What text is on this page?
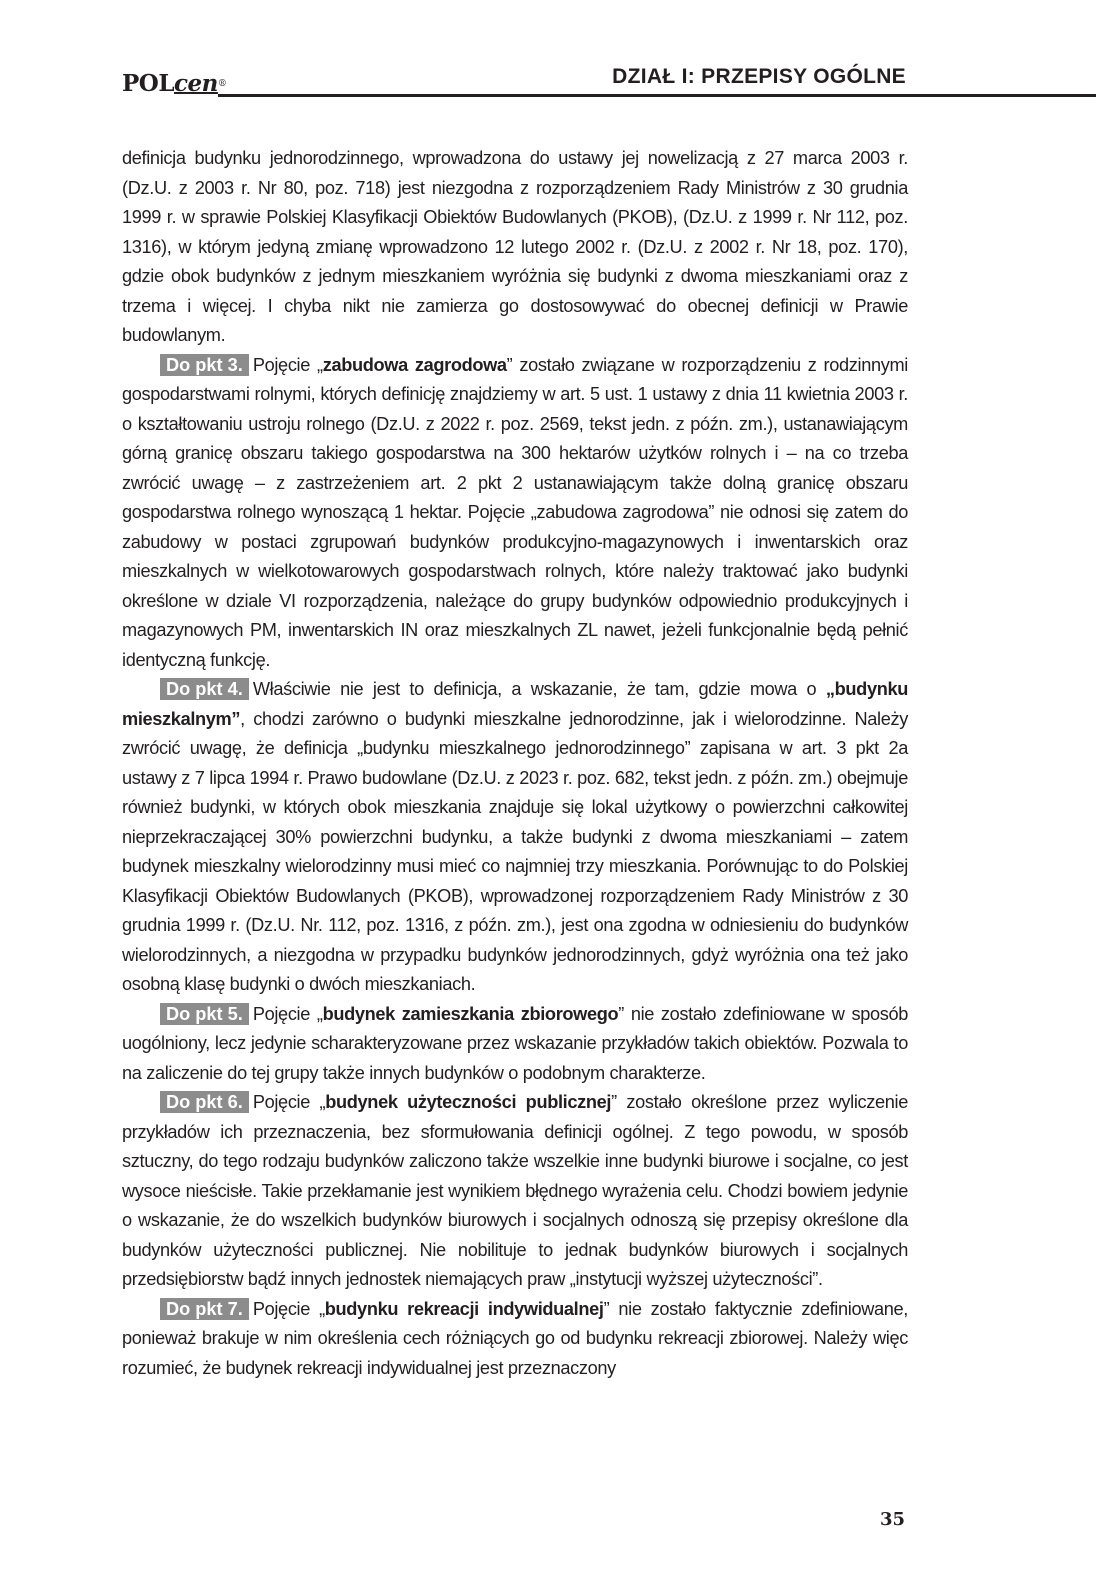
POLcen®	DZIAŁ I: PRZEPISY OGÓLNE

definicja budynku jednorodzinnego, wprowadzona do ustawy jej nowelizacją z 27 marca 2003 r. (Dz.U. z 2003 r. Nr 80, poz. 718) jest niezgodna z rozporządzeniem Rady Ministrów z 30 grudnia 1999 r. w sprawie Polskiej Klasyfikacji Obiektów Budowlanych (PKOB), (Dz.U. z 1999 r. Nr 112, poz. 1316), w którym jedyną zmianę wprowadzono 12 lutego 2002 r. (Dz.U. z 2002 r. Nr 18, poz. 170), gdzie obok budynków z jednym mieszkaniem wyróżnia się budynki z dwoma mieszkaniami oraz z trzema i więcej. I chyba nikt nie zamierza go dostosowywać do obecnej definicji w Prawie budowlanym.

Do pkt 3. Pojęcie „zabudowa zagrodowa” zostało związane w rozporządzeniu z rodzinnymi gospodarstwami rolnymi, których definicję znajdziemy w art. 5 ust. 1 ustawy z dnia 11 kwietnia 2003 r. o kształtowaniu ustroju rolnego (Dz.U. z 2022 r. poz. 2569, tekst jedn. z późn. zm.), ustanawiającym górną granicę obszaru takiego gospodarstwa na 300 hektarów użytków rolnych i – na co trzeba zwrócić uwagę – z zastrzeżeniem art. 2 pkt 2 ustanawiającym także dolną granicę obszaru gospodarstwa rolnego wynoszącą 1 hektar. Pojęcie „zabudowa zagrodowa” nie odnosi się zatem do zabudowy w postaci zgrupowań budynków produkcyjno-magazynowych i inwentarskich oraz mieszkalnych w wielkotowarowych gospodarstwach rolnych, które należy traktować jako budynki określone w dziale VI rozporządzenia, należące do grupy budynków odpowiednio produkcyjnych i magazynowych PM, inwentarskich IN oraz mieszkalnych ZL nawet, jeżeli funkcjonalnie będą pełnić identyczną funkcję.

Do pkt 4. Właściwie nie jest to definicja, a wskazanie, że tam, gdzie mowa o „budynku mieszkalnym”, chodzi zarówno o budynki mieszkalne jednorodzinne, jak i wielorodzinne. Należy zwrócić uwagę, że definicja „budynku mieszkalnego jednorodzinnego” zapisana w art. 3 pkt 2a ustawy z 7 lipca 1994 r. Prawo budowlane (Dz.U. z 2023 r. poz. 682, tekst jedn. z późn. zm.) obejmuje również budynki, w których obok mieszkania znajduje się lokal użytkowy o powierzchni całkowitej nieprzekraczającej 30% powierzchni budynku, a także budynki z dwoma mieszkaniami – zatem budynek mieszkalny wielorodzinny musi mieć co najmniej trzy mieszkania. Porównując to do Polskiej Klasyfikacji Obiektów Budowlanych (PKOB), wprowadzonej rozporządzeniem Rady Ministrów z 30 grudnia 1999 r. (Dz.U. Nr. 112, poz. 1316, z późn. zm.), jest ona zgodna w odniesieniu do budynków wielorodzinnych, a niezgodna w przypadku budynków jednorodzinnych, gdyż wyróżnia ona też jako osobną klasę budynki o dwóch mieszkaniach.

Do pkt 5. Pojęcie „budynek zamieszkania zbiorowego” nie zostało zdefiniowane w sposób uogólniony, lecz jedynie scharakteryzowane przez wskazanie przykładów takich obiektów. Pozwala to na zaliczenie do tej grupy także innych budynków o podobnym charakterze.

Do pkt 6. Pojęcie „budynek użyteczności publicznej” zostało określone przez wyliczenie przykładów ich przeznaczenia, bez sformułowania definicji ogólnej. Z tego powodu, w sposób sztuczny, do tego rodzaju budynków zaliczono także wszelkie inne budynki biurowe i socjalne, co jest wysoce nieścisłe. Takie przekłamanie jest wynikiem błędnego wyrażenia celu. Chodzi bowiem jedynie o wskazanie, że do wszelkich budynków biurowych i socjalnych odnoszą się przepisy określone dla budynków użyteczności publicznej. Nie nobilituje to jednak budynków biurowych i socjalnych przedsiębiorstw bądź innych jednostek niemających praw „instytucji wyższej użyteczności”.

Do pkt 7. Pojęcie „budynku rekreacji indywidualnej” nie zostało faktycznie zdefiniowane, ponieważ brakuje w nim określenia cech różniących go od budynku rekreacji zbiorowej. Należy więc rozumieć, że budynek rekreacji indywidualnej jest przeznaczony

35
